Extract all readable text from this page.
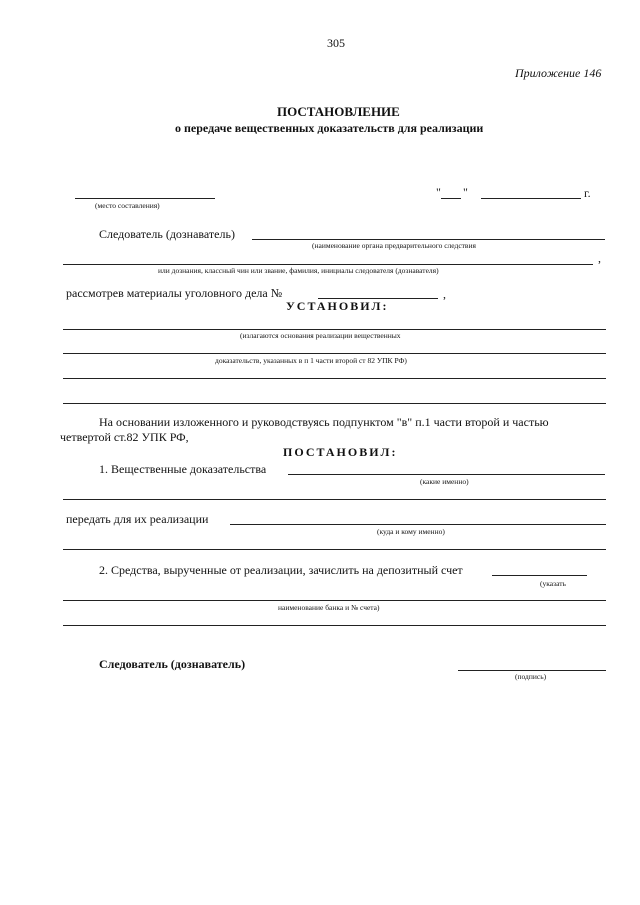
305
Приложение 146
ПОСТАНОВЛЕНИЕ
о передаче вещественных доказательств для реализации
(место составления)
" "	г.
Следователь (дознаватель)
(наименование органа предварительного следствия
,
или дознания, классный чин или звание, фамилия, инициалы следователя (дознавателя)
рассмотрев материалы уголовного дела №	,
УСТАНОВИЛ:
(излагаются основания реализации вещественных
доказательств, указанных в п 1 части второй ст 82 УПК РФ)
На основании изложенного и руководствуясь подпунктом "в" п.1 части второй и частью
четвертой ст.82 УПК РФ,
ПОСТАНОВИЛ:
1. Вещественные доказательства
(какие именно)
передать для их реализации
(куда и кому именно)
2. Средства, вырученные от реализации, зачислить на депозитный счет
(указать
наименование банка и № счета)
Следователь (дознаватель)
(подпись)
